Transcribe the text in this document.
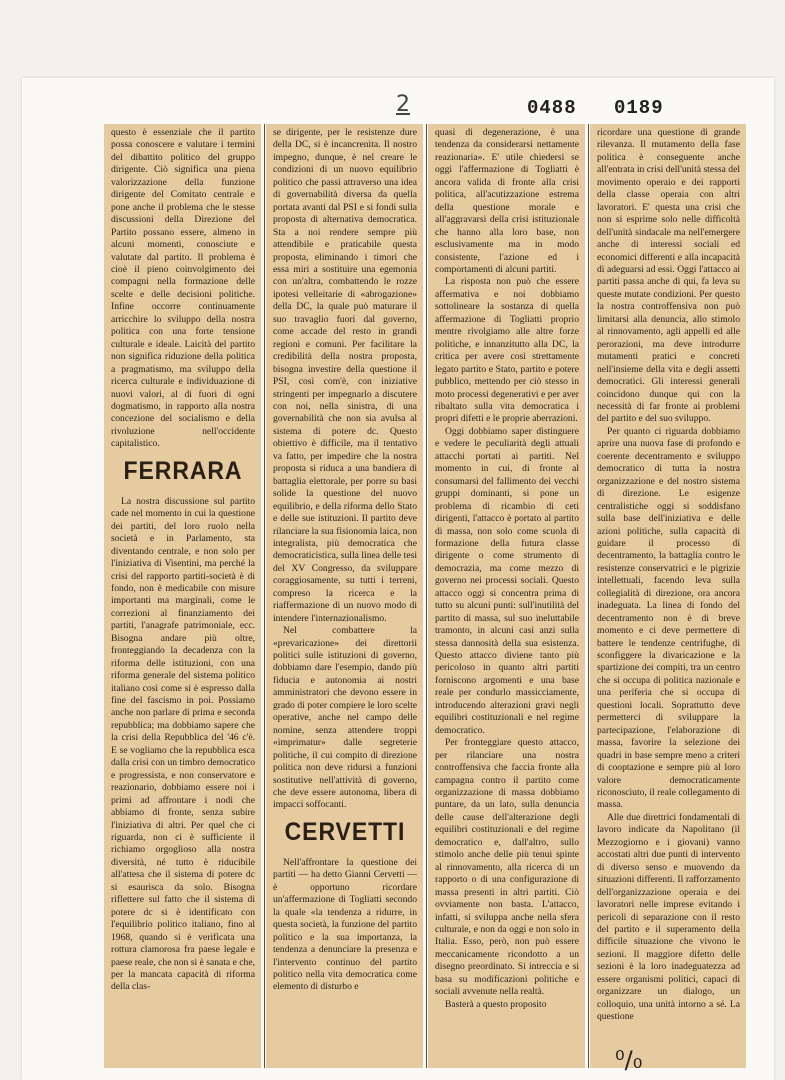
2	0488 0189

questo è essenziale che il partito possa conoscere e valutare i termini del dibattito politico del gruppo dirigente. Ciò significa una piena valorizzazione della funzione dirigente del Comitato centrale e pone anche il problema che le stesse discussioni della Direzione del Partito possano essere, almeno in alcuni momenti, conosciute e valutate dal partito. Il problema è cioè il pieno coinvolgimento dei compagni nella formazione delle scelte e delle decisioni politiche. Infine occorre continuamente arricchire lo sviluppo della nostra politica con una forte tensione culturale e ideale. Laicità del partito non significa riduzione della politica a pragmatismo, ma sviluppo della ricerca culturale e individuazione di nuovi valori, al di fuori di ogni dogmatismo, in rapporto alla nostra concezione del socialismo e della rivoluzione nell'occidente capitalistico.

FERRARA

La nostra discussione sul partito cade nel momento in cui la questione dei partiti, del loro ruolo nella società e in Parlamento, sta diventando centrale, e non solo per l'iniziativa di Visentini, ma perché la crisi del rapporto partiti-società è di fondo, non è medicabile con misure importanti ma marginali, come le correzioni al finanziamento dei partiti, l'anagrafe patrimoniale, ecc. Bisogna andare più oltre, fronteggiando la decadenza con la riforma delle istituzioni, con una riforma generale del sistema politico italiano così come si è espresso dalla fine del fascismo in poi. Possiamo anche non parlare di prima e seconda repubblica; ma dobbiamo sapere che la crisi della Repubblica del '46 c'è. E se vogliamo che la repubblica esca dalla crisi con un timbro democratico e progressista, e non conservatore e reazionario, dobbiamo essere noi i primi ad affrontare i nodi che abbiamo di fronte, senza subire l'iniziativa di altri. Per quel che ci riguarda, non ci è sufficiente il richiamo orgoglioso alla nostra diversità, né tutto è riducibile all'attesa che il sistema di potere dc si esaurisca da solo. Bisogna riflettere sul fatto che il sistema di potere dc si è identificato con l'equilibrio politico italiano, fino al 1968, quando si è verificata una rottura clamorosa fra paese legale e paese reale, che non si è sanata e che, per la mancata capacità di riforma della clas-

se dirigente, per le resistenze dure della DC, si è incancrenita. Il nostro impegno, dunque, è nel creare le condizioni di un nuovo equilibrio politico che passi attraverso una idea di governabilità diversa da quella portata avanti dal PSI e si fondi sulla proposta di alternativa democratica. Sta a noi rendere sempre più attendibile e praticabile questa proposta, eliminando i timori che essa miri a sostituire una egemonia con un'altra, combattendo le rozze ipotesi velleitarie di «abrogazione» della DC, la quale può maturare il suo travaglio fuori dal governo, come accade del resto in grandi regioni e comuni. Per facilitare la credibilità della nostra proposta, bisogna investire della questione il PSI, così com'è, con iniziative stringenti per impegnarlo a discutere con noi, nella sinistra, di una governabilità che non sia avulsa al sistema di potere dc. Questo obiettivo è difficile, ma il tentativo va fatto, per impedire che la nostra proposta si riduca a una bandiera di battaglia elettorale, per porre su basi solide la questione del nuovo equilibrio, e della riforma dello Stato e delle sue istituzioni. Il partito deve rilanciare la sua fisionomia laica, non integralista, più democratica che democraticistica, sulla linea delle tesi del XV Congresso, da sviluppare coraggiosamente, su tutti i terreni, compreso la ricerca e la riaffermazione di un nuovo modo di intendere l'internazionalismo.

Nel combattere la «prevaricazione» dei direttorii politici sulle istituzioni di governo, dobbiamo dare l'esempio, dando più fiducia e autonomia ai nostri amministratori che devono essere in grado di poter compiere le loro scelte operative, anche nel campo delle nomine, senza attendere troppi «imprimatur» dalle segreterie politiche, il cui compito di direzione politica non deve ridursi a funzioni sostitutive nell'attività di governo, che deve essere autonoma, libera di impacci soffocanti.

CERVETTI

Nell'affrontare la questione dei partiti — ha detto Gianni Cervetti — è opportuno ricordare un'affermazione di Togliatti secondo la quale «la tendenza a ridurre, in questa società, la funzione del partito politico e la sua importanza, la tendenza a denunciare la presenza e l'intervento continuo del partito politico nella vita democratica come elemento di disturbo e

quasi di degenerazione, è una tendenza da considerarsi nettamente reazionaria». E' utile chiedersi se oggi l'affermazione di Togliatti è ancora valida di fronte alla crisi politica, all'acutizzazione estrema della questione morale e all'aggravarsi della crisi istituzionale che hanno alla loro base, non esclusivamente ma in modo consistente, l'azione ed i comportamenti di alcuni partiti.

La risposta non può che essere affermativa e noi dobbiamo sottolineare la sostanza di quella affermazione di Togliatti proprio mentre rivolgiamo alle altre forze politiche, e innanzitutto alla DC, la critica per avere così strettamente legato partito e Stato, partito e potere pubblico, mettendo per ciò stesso in moto processi degenerativi e per aver ribaltato sulla vita democratica i propri difetti e le proprie aberrazioni.

Oggi dobbiamo saper distinguere e vedere le peculiarità degli attuali attacchi portati ai partiti. Nel momento in cui, di fronte al consumarsi del fallimento dei vecchi gruppi dominanti, si pone un problema di ricambio di ceti dirigenti, l'attacco è portato al partito di massa, non solo come scuola di formazione della futura classe dirigente o come strumento di democrazia, ma come mezzo di governo nei processi sociali. Questo attacco oggi si concentra prima di tutto su alcuni punti: sull'inutilità del partito di massa, sul suo ineluttabile tramonto, in alcuni casi anzi sulla stessa dannosità della sua esistenza. Questo attacco diviene tanto più pericoloso in quanto altri partiti forniscono argomenti e una base reale per condurlo massicciamente, introducendo alterazioni gravi negli equilibri costituzionali e nel regime democratico.

Per fronteggiare questo attacco, per rilanciare una nostra controffensiva che faccia fronte alla campagna contro il partito come organizzazione di massa dobbiamo puntare, da un lato, sulla denuncia delle cause dell'alterazione degli equilibri costituzionali e del regime democratico e, dall'altro, sullo stimolo anche delle più tenui spinte al rinnovamento, alla ricerca di un rapporto o di una configurazione di massa presenti in altri partiti. Ciò ovviamente non basta. L'attacco, infatti, si sviluppa anche nella sfera culturale, e non da oggi e non solo in Italia. Esso, però, non può essere meccanicamente ricondotto a un disegno preordinato. Si intreccia e si basa su modificazioni politiche e sociali avvenute nella realtà.

Basterà a questo proposito

ricordare una questione di grande rilevanza. Il mutamento della fase politica è conseguente anche all'entrata in crisi dell'unità stessa del movimento operaio e dei rapporti della classe operaia con altri lavoratori. E' questa una crisi che non si esprime solo nelle difficoltà dell'unità sindacale ma nell'emergere anche di interessi sociali ed economici differenti e alla incapacità di adeguarsi ad essi. Oggi l'attacco ai partiti passa anche di qui, fa leva su queste mutate condizioni. Per questo la nostra controffensiva non può limitarsi alla denuncia, allo stimolo al rinnovamento, agli appelli ed alle perorazioni, ma deve introdurre mutamenti pratici e concreti nell'insieme della vita e degli assetti democratici. Gli interessi generali coincidono dunque qui con la necessità di far fronte ai problemi del partito e del suo sviluppo.

Per quanto ci riguarda dobbiamo aprire una nuova fase di profondo e coerente decentramento e sviluppo democratico di tutta la nostra organizzazione e del nostro sistema di direzione. Le esigenze centralistiche oggi si soddisfano sulla base dell'iniziativa e delle azioni politiche, sulla capacità di guidare il processo di decentramento, la battaglia contro le resistenze conservatrici e le pigrizie intellettuali, facendo leva sulla collegialità di direzione, ora ancora inadeguata. La linea di fondo del decentramento non è di breve momento e ci deve permettere di battere le tendenze centrifughe, di sconfiggere la divaricazione e la spartizione dei compiti, tra un centro che si occupa di politica nazionale e una periferia che si occupa di questioni locali. Soprattutto deve permetterci di sviluppare la partecipazione, l'elaborazione di massa, favorire la selezione dei quadri in base sempre meno a criteri di cooptazione e sempre più al loro valore democraticamente riconosciuto, il reale collegamento di massa.

Alle due direttrici fondamentali di lavoro indicate da Napolitano (il Mezzogiorno e i giovani) vanno accostati altri due punti di intervento di diverso senso e muovendo da situazioni differenti. Il rafforzamento dell'organizzazione operaia e dei lavoratori nelle imprese evitando i pericoli di separazione con il resto del partito e il superamento della difficile situazione che vivono le sezioni. Il maggiore difetto delle sezioni è la loro inadeguatezza ad essere organismi politici, capaci di organizzare un dialogo, un colloquio, una unità intorno a sé. La questione

⁰/₀
